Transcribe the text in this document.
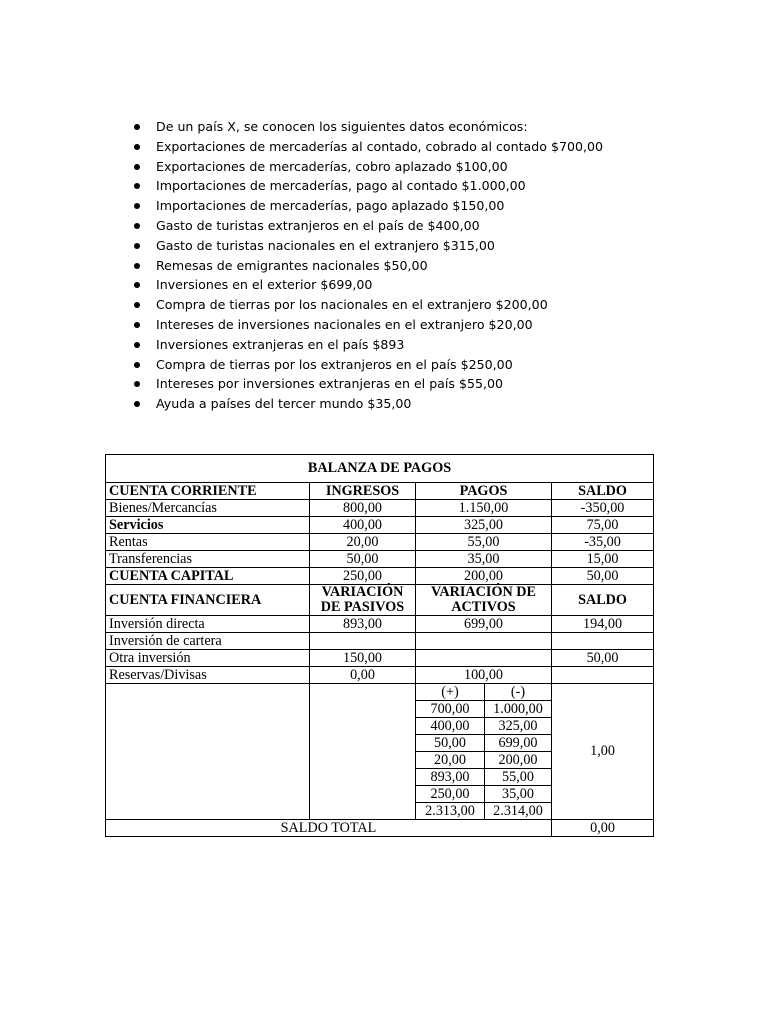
De un país X, se conocen los siguientes datos económicos:
Exportaciones de mercaderías al contado, cobrado al contado $700,00
Exportaciones de mercaderías, cobro aplazado $100,00
Importaciones de mercaderías, pago al contado $1.000,00
Importaciones de mercaderías, pago aplazado $150,00
Gasto de turistas extranjeros en el país de $400,00
Gasto de turistas nacionales en el extranjero $315,00
Remesas de emigrantes nacionales $50,00
Inversiones en el exterior $699,00
Compra de tierras por los nacionales en el extranjero $200,00
Intereses de inversiones nacionales en el extranjero $20,00
Inversiones extranjeras en el país $893
Compra de tierras por los extranjeros en el país $250,00
Intereses por inversiones extranjeras en el país $55,00
Ayuda a países del tercer mundo $35,00
BALANZA DE PAGOS				
CUENTA CORRIENTE	INGRESOS	PAGOS		SALDO
Bienes/Mercancías	800,00	1.150,00		-350,00
Servicios	400,00	325,00		75,00
Rentas	20,00	55,00		-35,00
Transferencias	50,00	35,00		15,00
CUENTA CAPITAL	250,00	200,00		50,00
CUENTA FINANCIERA	VARIACIÓN DE PASIVOS	VARIACIÓN DE ACTIVOS		SALDO
Inversión directa	893,00	699,00		194,00
Inversión de cartera				
Otra inversión	150,00			50,00
Reservas/Divisas	0,00	100,00		
		(+)	(-)	1,00
		700,00	1.000,00	
		400,00	325,00	
		50,00	699,00	
		20,00	200,00	
		893,00	55,00	
		250,00	35,00	
		2.313,00	2.314,00	
SALDO TOTAL				0,00
